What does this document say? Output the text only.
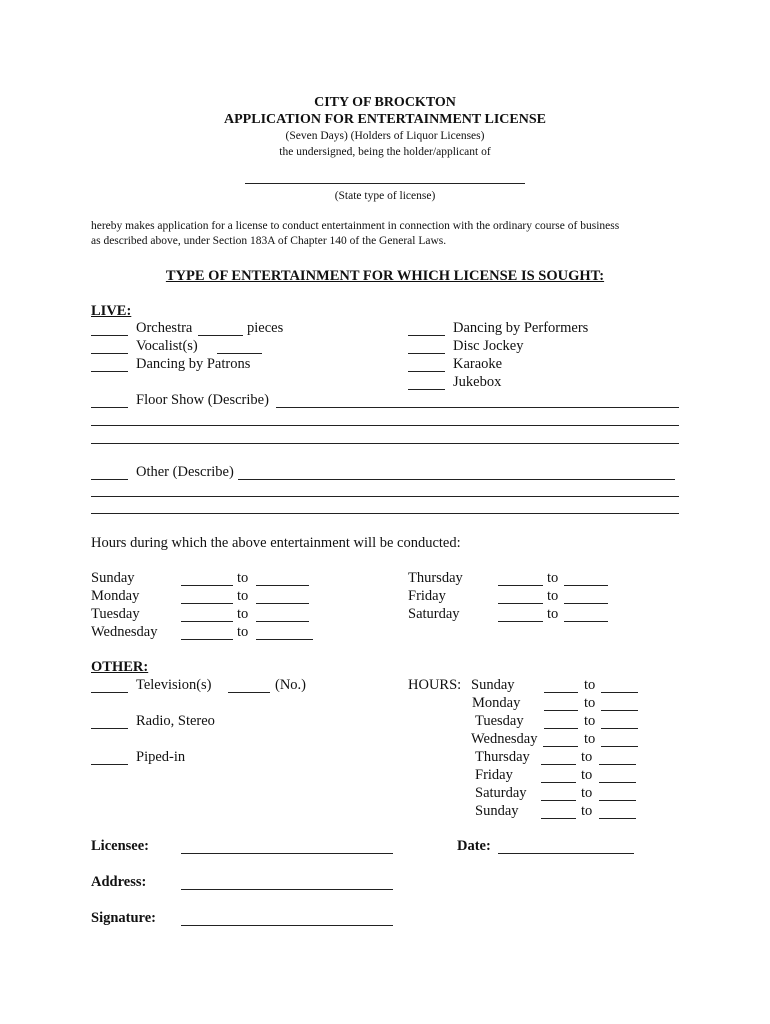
CITY OF BROCKTON
APPLICATION FOR ENTERTAINMENT LICENSE
(Seven Days) (Holders of Liquor Licenses)
the undersigned, being the holder/applicant of
(State type of license)
hereby makes application for a license to conduct entertainment in connection with the ordinary course of business
as described above, under Section 183A of Chapter 140 of the General Laws.
TYPE OF ENTERTAINMENT FOR WHICH LICENSE IS SOUGHT:
LIVE:
Orchestra	pieces
Vocalist(s)
Dancing by Patrons
Dancing by Performers
Disc Jockey
Karaoke
Jukebox
Floor Show (Describe)
Other (Describe)
Hours during which the above entertainment will be conducted:
Sunday	to
Monday	to
Tuesday	to
Wednesday	to
Thursday	to
Friday	to
Saturday	to
OTHER:
Television(s)	(No.)
Radio, Stereo
Piped-in
HOURS: Sunday	to
Monday	to
Tuesday	to
Wednesday	to
Thursday	to
Friday	to
Saturday	to
Sunday	to
Licensee:	Date:
Address:
Signature:
